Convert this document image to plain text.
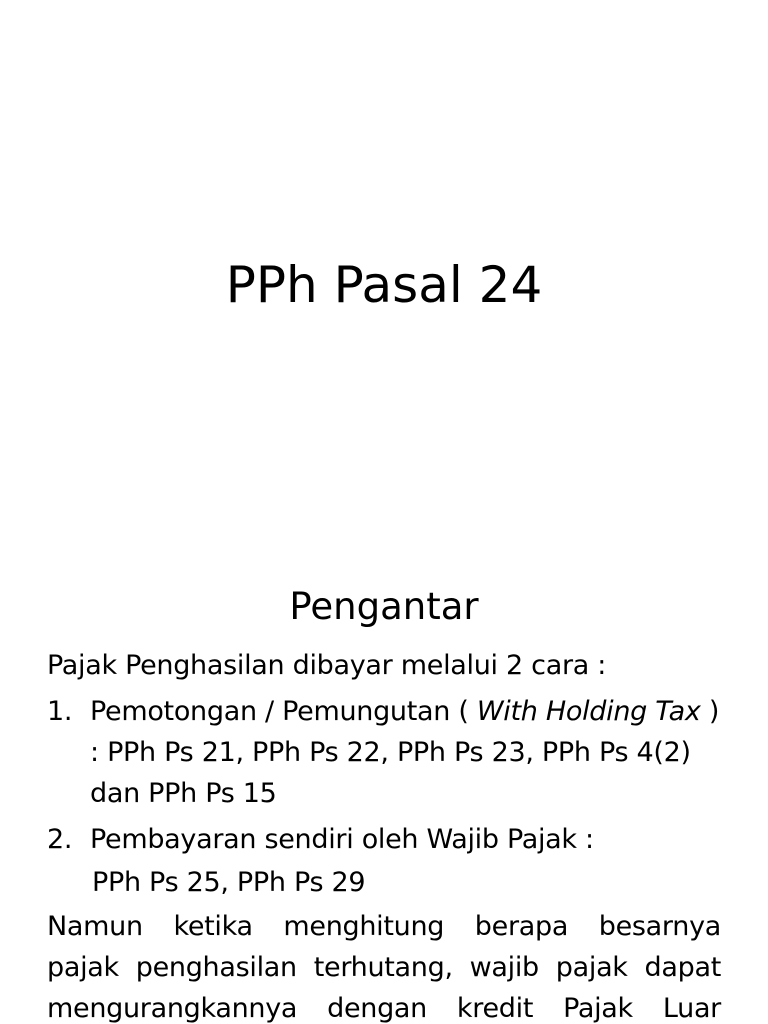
PPh Pasal 24
Pengantar

Pajak Penghasilan dibayar melalui 2 cara :

1. Pemotongan / Pemungutan ( With Holding Tax ) : PPh Ps 21, PPh Ps 22, PPh Ps 23, PPh Ps 4(2) dan PPh Ps 15
2. Pembayaran sendiri oleh Wajib Pajak :
PPh Ps 25, PPh Ps 29
Namun ketika menghitung berapa besarnya
pajak penghasilan terhutang, wajib pajak dapat
mengurangkannya dengan kredit Pajak Luar
